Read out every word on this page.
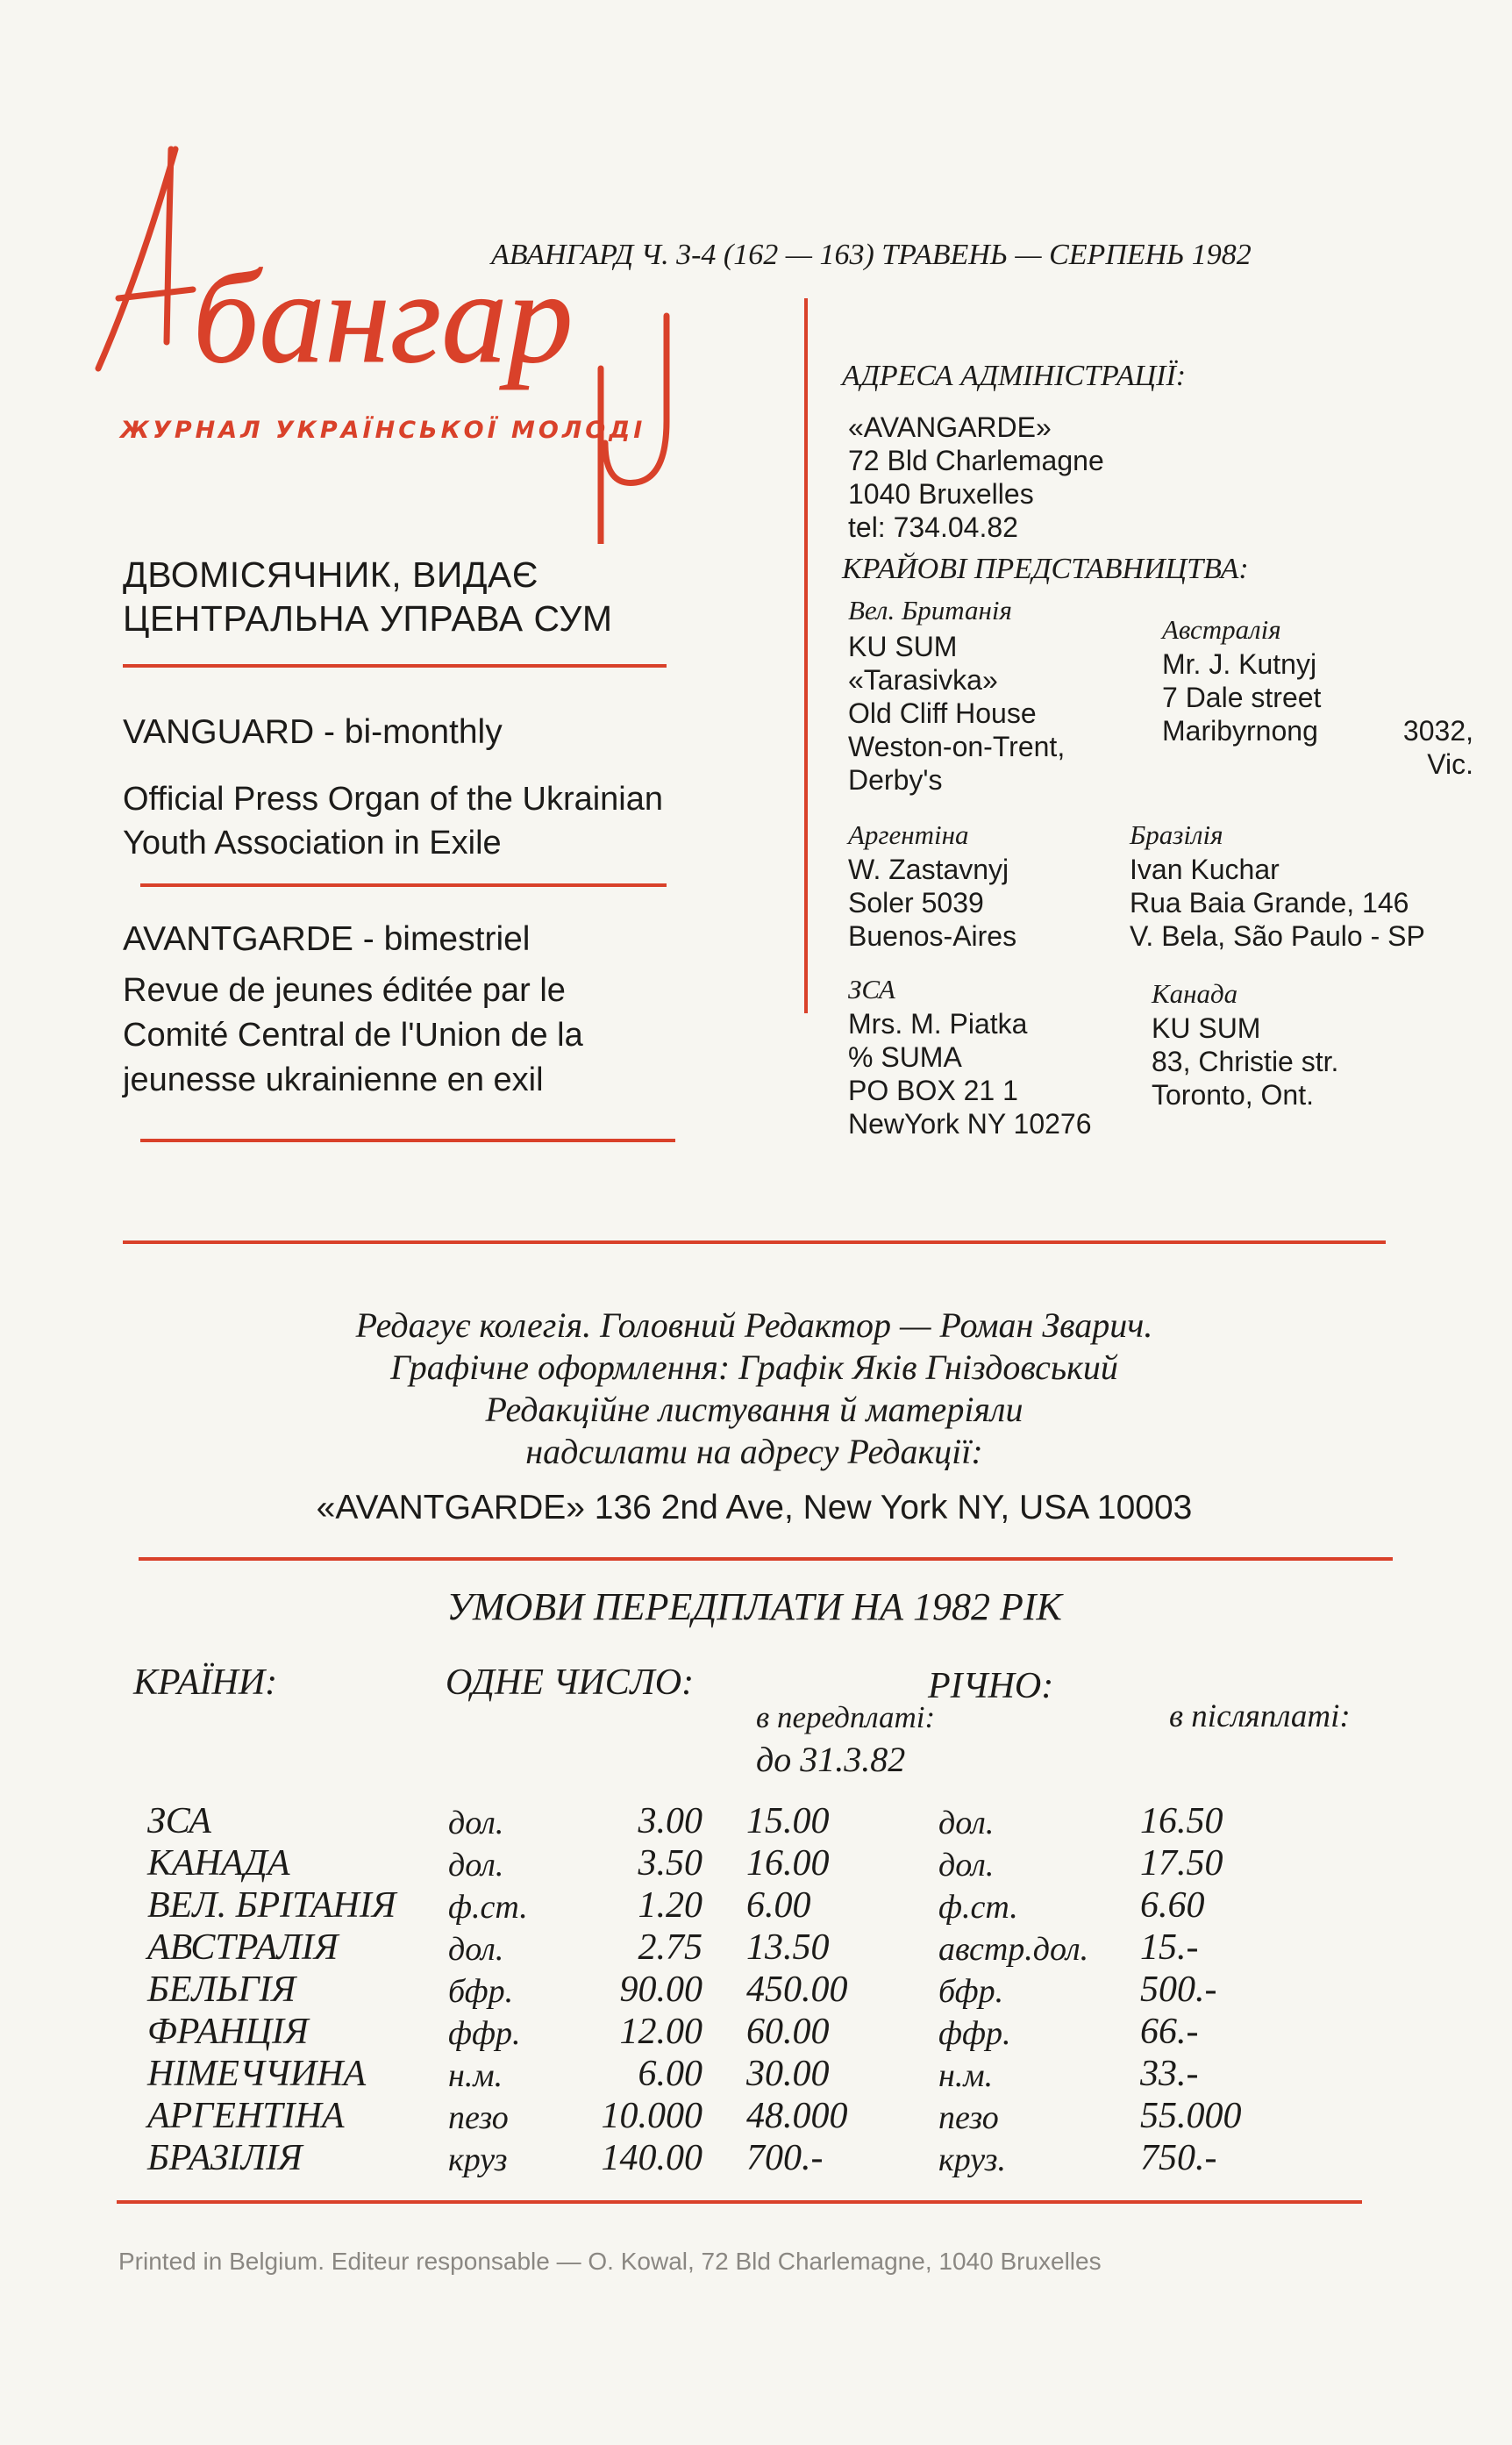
бaнгap
ЖУРНАЛ УКРАЇНСЬКОЇ МОЛОДІ
АВАНГАРД Ч. 3-4 (162 — 163) ТРАВЕНЬ — СЕРПЕНЬ 1982
ДВОМІСЯЧНИК, ВИДАЄ
ЦЕНТРАЛЬНА УПРАВА СУМ
VANGUARD - bi-monthly
Official Press Organ of the Ukrainian
Youth Association in Exile
AVANTGARDE - bimestriel
Revue de jeunes éditée par le
Comité Central de l'Union de la
jeunesse ukrainienne en exil
АДРЕСА АДМІНІСТРАЦІЇ:
«AVANGARDE»
72 Bld Charlemagne
1040 Bruxelles
tel: 734.04.82
КРАЙОВІ ПРЕДСТАВНИЦТВА:
Вел. Британія
KU SUM
«Tarasivka»
Old Cliff House
Weston-on-Trent,
Derby's
Австралія
Mr. J. Kutnyj
7 Dale street
Maribyrnong	3032,
Vic.
Аргентіна
W. Zastavnyj
Soler 5039
Buenos-Aires
Бразілія
Ivan Kuchar
Rua Baia Grande, 146
V. Bela, São Paulo - SP
ЗСА
Mrs. M. Piatka
% SUMA
PO BOX 21 1
NewYork NY 10276
Канада
KU SUM
83, Christie str.
Toronto, Ont.
Редагує колегія. Головний Редактор — Роман Зварич.
Графічне оформлення: Графік Яків Гніздовський
Редакційне листування й матеріяли
надсилати на адресу Редакції:
«AVANTGARDE» 136 2nd Ave, New York NY, USA 10003
УМОВИ ПЕРЕДПЛАТИ НА 1982 РІК
КРАЇНИ:	ОДНЕ ЧИСЛО:	РІЧНО:
в передплаті:
до 31.3.82
в післяплаті:
ЗСА	дол.	3.00	15.00	дол.	16.50
КАНАДА	дол.	3.50	16.00	дол.	17.50
ВЕЛ. БРІТАНІЯ	ф.ст.	1.20	6.00	ф.ст.	6.60
АВСТРАЛІЯ	дол.	2.75	13.50	австр.дол.	15.-
БЕЛЬГІЯ	бфр.	90.00	450.00	бфр.	500.-
ФРАНЦІЯ	ффр.	12.00	60.00	ффр.	66.-
НІМЕЧЧИНА	н.м.	6.00	30.00	н.м.	33.-
АРГЕНТІНА	пезо	10.000	48.000	пезо	55.000
БРАЗІЛІЯ	круз	140.00	700.-	круз.	750.-
Printed in Belgium. Editeur responsable — O. Kowal, 72 Bld Charlemagne, 1040 Bruxelles
